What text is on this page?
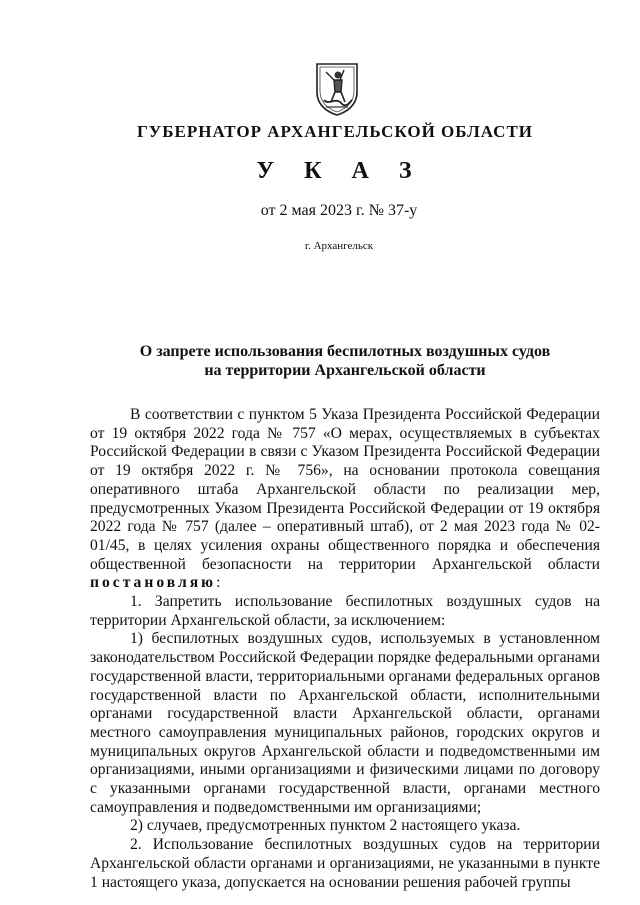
ГУБЕРНАТОР АРХАНГЕЛЬСКОЙ ОБЛАСТИ
У К А З
от 2 мая 2023 г. № 37-у
г. Архангельск
О запрете использования беспилотных воздушных судов
на территории Архангельской области

В соответствии с пунктом 5 Указа Президента Российской Федерации от 19 октября 2022 года № 757 «О мерах, осуществляемых в субъектах Российской Федерации в связи с Указом Президента Российской Федерации от 19 октября 2022 г. № 756», на основании протокола совещания оперативного штаба Архангельской области по реализации мер, предусмотренных Указом Президента Российской Федерации от 19 октября 2022 года № 757 (далее – оперативный штаб), от 2 мая 2023 года № 02-01/45, в целях усиления охраны общественного порядка и обеспечения общественной безопасности на территории Архангельской области постановляю:

1. Запретить использование беспилотных воздушных судов на территории Архангельской области, за исключением:

1) беспилотных воздушных судов, используемых в установленном законодательством Российской Федерации порядке федеральными органами государственной власти, территориальными органами федеральных органов государственной власти по Архангельской области, исполнительными органами государственной власти Архангельской области, органами местного самоуправления муниципальных районов, городских округов и муниципальных округов Архангельской области и подведомственными им организациями, иными организациями и физическими лицами по договору с указанными органами государственной власти, органами местного самоуправления и подведомственными им организациями;

2) случаев, предусмотренных пунктом 2 настоящего указа.

2. Использование беспилотных воздушных судов на территории Архангельской области органами и организациями, не указанными в пункте 1 настоящего указа, допускается на основании решения рабочей группы
